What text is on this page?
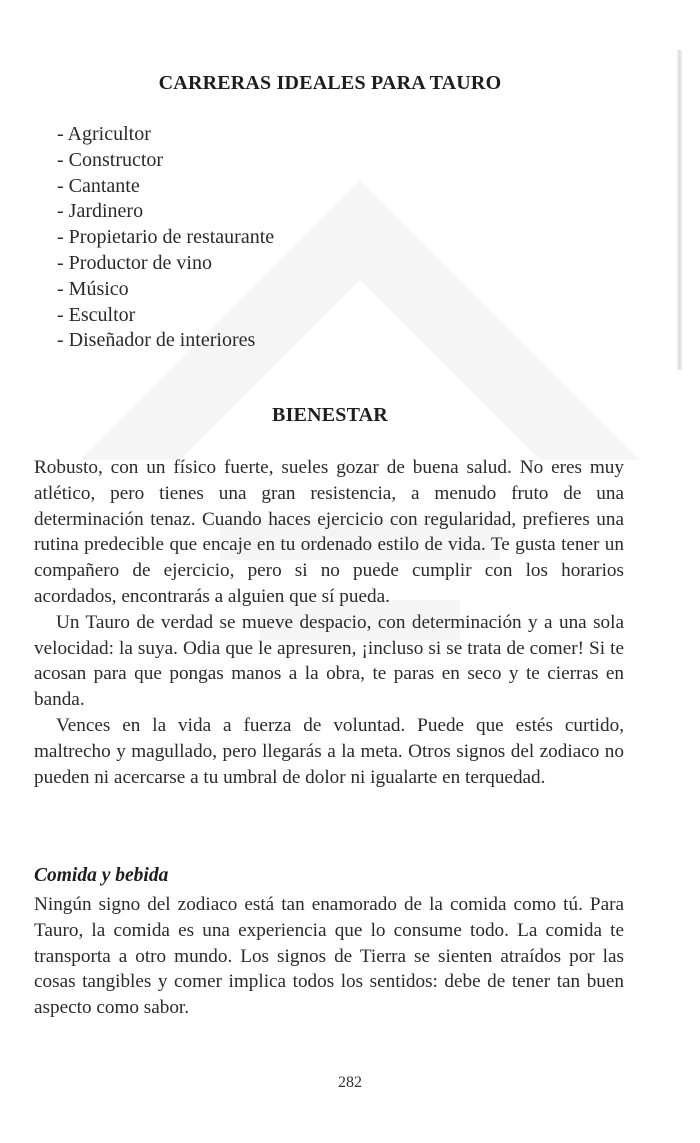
CARRERAS IDEALES PARA TAURO
- Agricultor
- Constructor
- Cantante
- Jardinero
- Propietario de restaurante
- Productor de vino
- Músico
- Escultor
- Diseñador de interiores
BIENESTAR

Robusto, con un físico fuerte, sueles gozar de buena salud. No eres muy atlético, pero tienes una gran resistencia, a menudo fruto de una determinación tenaz. Cuando haces ejercicio con regularidad, prefieres una rutina predecible que encaje en tu ordenado estilo de vida. Te gusta tener un compañero de ejercicio, pero si no puede cumplir con los horarios acordados, encontrarás a alguien que sí pueda.

Un Tauro de verdad se mueve despacio, con determinación y a una sola velocidad: la suya. Odia que le apresuren, ¡incluso si se trata de comer! Si te acosan para que pongas manos a la obra, te paras en seco y te cierras en banda.

Vences en la vida a fuerza de voluntad. Puede que estés curtido, maltrecho y magullado, pero llegarás a la meta. Otros signos del zodiaco no pueden ni acercarse a tu umbral de dolor ni igualarte en terquedad.

Comida y bebida

Ningún signo del zodiaco está tan enamorado de la comida como tú. Para Tauro, la comida es una experiencia que lo consume todo. La comida te transporta a otro mundo. Los signos de Tierra se sienten atraídos por las cosas tangibles y comer implica todos los sentidos: debe de tener tan buen aspecto como sabor.

282
